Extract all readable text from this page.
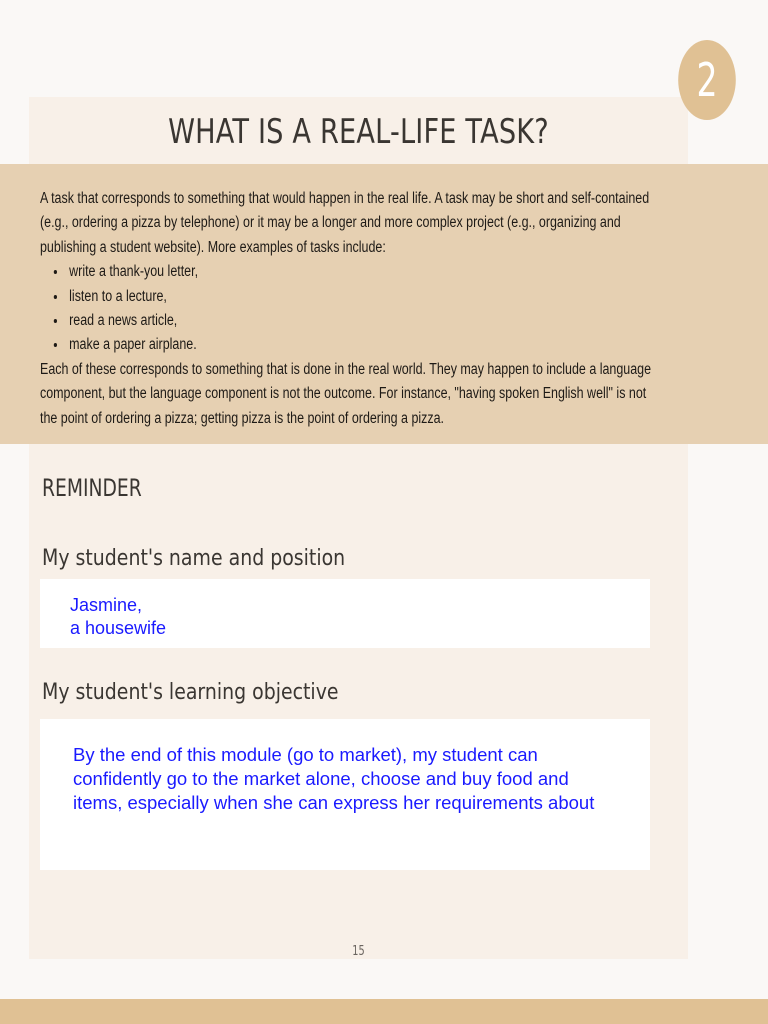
2
WHAT IS A REAL-LIFE TASK?

A task that corresponds to something that would happen in the real life. A task may be short and self-contained (e.g., ordering a pizza by telephone) or it may be a longer and more complex project (e.g., organizing and publishing a student website). More examples of tasks include:

• write a thank-you letter,
• listen to a lecture,
• read a news article,
• make a paper airplane.

Each of these corresponds to something that is done in the real world. They may happen to include a language component, but the language component is not the outcome. For instance, "having spoken English well" is not the point of ordering a pizza; getting pizza is the point of ordering a pizza.

REMINDER
My student's name and position

Jasmine,
a housewife

My student's learning objective

By the end of this module (go to market), my student can
confidently go to the market alone, choose and buy food and
items, especially when she can express her requirements about

15
